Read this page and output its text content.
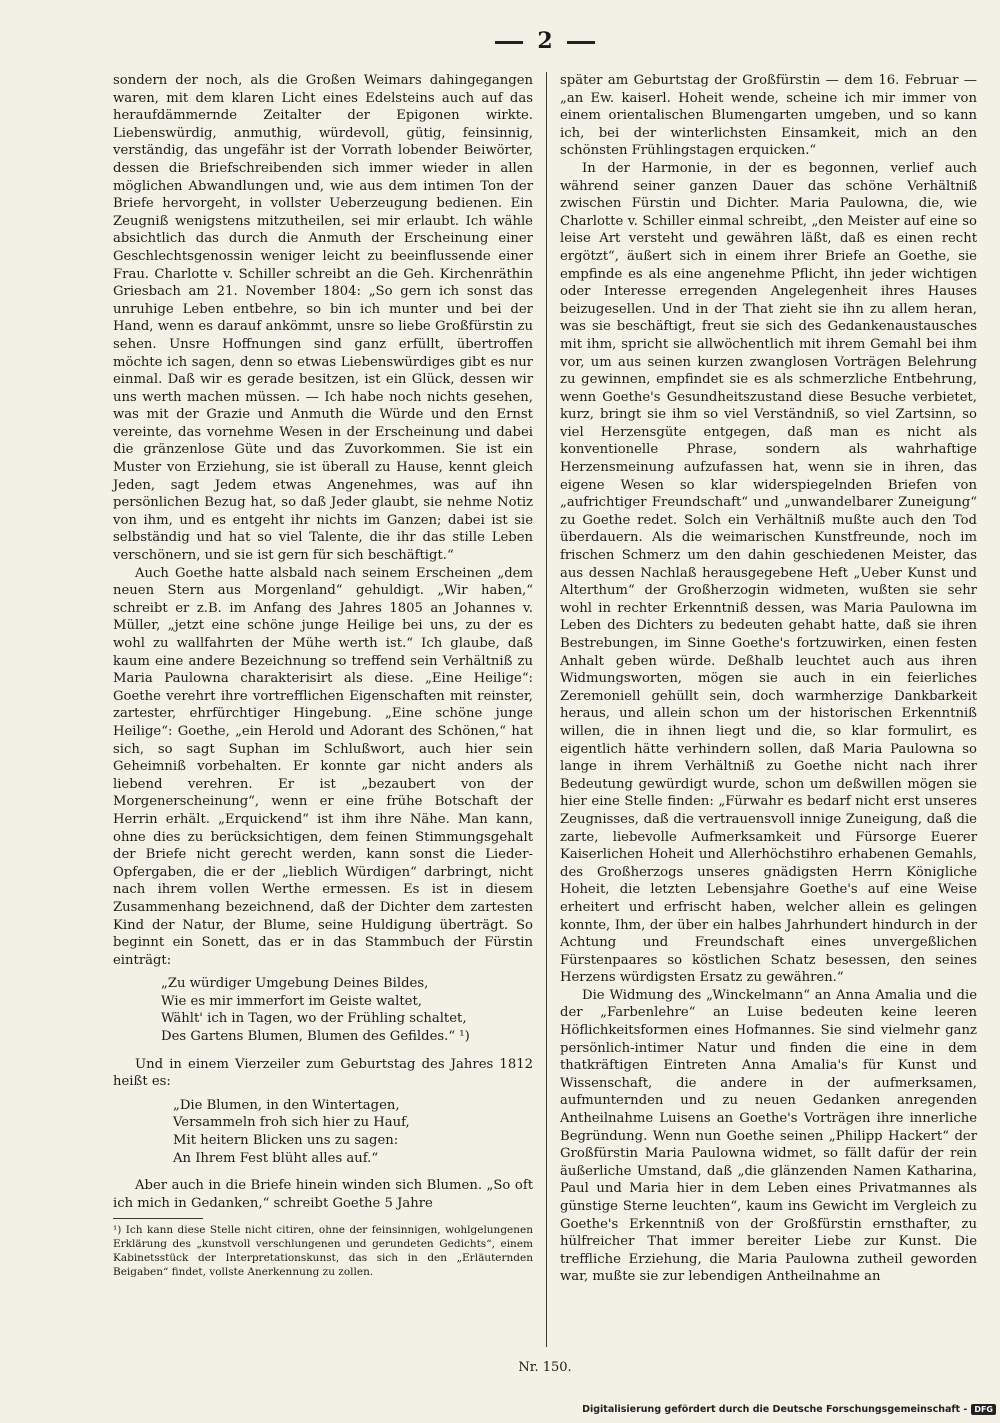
2

sondern der noch, als die Großen Weimars dahingegangen waren, mit dem klaren Licht eines Edelsteins auch auf das heraufdämmernde Zeitalter der Epigonen wirkte. Liebenswürdig, anmuthig, würdevoll, gütig, feinsinnig, verständig, das ungefähr ist der Vorrath lobender Beiwörter, dessen die Briefschreibenden sich immer wieder in allen möglichen Abwandlungen und, wie aus dem intimen Ton der Briefe hervorgeht, in vollster Ueberzeugung bedienen. Ein Zeugniß wenigstens mitzutheilen, sei mir erlaubt. Ich wähle absichtlich das durch die Anmuth der Erscheinung einer Geschlechtsgenossin weniger leicht zu beeinflussende einer Frau. Charlotte v. Schiller schreibt an die Geh. Kirchenräthin Griesbach am 21. November 1804: „So gern ich sonst das unruhige Leben entbehre, so bin ich munter und bei der Hand, wenn es darauf ankömmt, unsre so liebe Großfürstin zu sehen. Unsre Hoffnungen sind ganz erfüllt, übertroffen möchte ich sagen, denn so etwas Liebenswürdiges gibt es nur einmal. Daß wir es gerade besitzen, ist ein Glück, dessen wir uns werth machen müssen. — Ich habe noch nichts gesehen, was mit der Grazie und Anmuth die Würde und den Ernst vereinte, das vornehme Wesen in der Erscheinung und dabei die gränzenlose Güte und das Zuvorkommen. Sie ist ein Muster von Erziehung, sie ist überall zu Hause, kennt gleich Jeden, sagt Jedem etwas Angenehmes, was auf ihn persönlichen Bezug hat, so daß Jeder glaubt, sie nehme Notiz von ihm, und es entgeht ihr nichts im Ganzen; dabei ist sie selbständig und hat so viel Talente, die ihr das stille Leben verschönern, und sie ist gern für sich beschäftigt.“

Auch Goethe hatte alsbald nach seinem Erscheinen „dem neuen Stern aus Morgenland“ gehuldigt. „Wir haben,“ schreibt er z.B. im Anfang des Jahres 1805 an Johannes v. Müller, „jetzt eine schöne junge Heilige bei uns, zu der es wohl zu wallfahrten der Mühe werth ist.“ Ich glaube, daß kaum eine andere Bezeichnung so treffend sein Verhältniß zu Maria Paulowna charakterisirt als diese. „Eine Heilige“: Goethe verehrt ihre vortrefflichen Eigenschaften mit reinster, zartester, ehrfürchtiger Hingebung. „Eine schöne junge Heilige“: Goethe, „ein Herold und Adorant des Schönen,“ hat sich, so sagt Suphan im Schlußwort, auch hier sein Geheimniß vorbehalten. Er konnte gar nicht anders als liebend verehren. Er ist „bezaubert von der Morgenerscheinung“, wenn er eine frühe Botschaft der Herrin erhält. „Erquickend“ ist ihm ihre Nähe. Man kann, ohne dies zu berücksichtigen, dem feinen Stimmungsgehalt der Briefe nicht gerecht werden, kann sonst die Lieder-Opfergaben, die er der „lieblich Würdigen“ darbringt, nicht nach ihrem vollen Werthe ermessen. Es ist in diesem Zusammenhang bezeichnend, daß der Dichter dem zartesten Kind der Natur, der Blume, seine Huldigung überträgt. So beginnt ein Sonett, das er in das Stammbuch der Fürstin einträgt:

„Zu würdiger Umgebung Deines Bildes,
Wie es mir immerfort im Geiste waltet,
Wählt' ich in Tagen, wo der Frühling schaltet,
Des Gartens Blumen, Blumen des Gefildes.“ ¹)

Und in einem Vierzeiler zum Geburtstag des Jahres 1812 heißt es:

„Die Blumen, in den Wintertagen,
Versammeln froh sich hier zu Hauf,
Mit heitern Blicken uns zu sagen:
An Ihrem Fest blüht alles auf.“

Aber auch in die Briefe hinein winden sich Blumen. „So oft ich mich in Gedanken,“ schreibt Goethe 5 Jahre

¹) Ich kann diese Stelle nicht citiren, ohne der feinsinnigen, wohlgelungenen Erklärung des „kunstvoll verschlungenen und gerundeten Gedichts“, einem Kabinetsstück der Interpretationskunst, das sich in den „Erläuternden Beigaben“ findet, vollste Anerkennung zu zollen.

später am Geburtstag der Großfürstin — dem 16. Februar — „an Ew. kaiserl. Hoheit wende, scheine ich mir immer von einem orientalischen Blumengarten umgeben, und so kann ich, bei der winterlichsten Einsamkeit, mich an den schönsten Frühlingstagen erquicken.“

In der Harmonie, in der es begonnen, verlief auch während seiner ganzen Dauer das schöne Verhältniß zwischen Fürstin und Dichter. Maria Paulowna, die, wie Charlotte v. Schiller einmal schreibt, „den Meister auf eine so leise Art versteht und gewähren läßt, daß es einen recht ergötzt“, äußert sich in einem ihrer Briefe an Goethe, sie empfinde es als eine angenehme Pflicht, ihn jeder wichtigen oder Interesse erregenden Angelegenheit ihres Hauses beizugesellen. Und in der That zieht sie ihn zu allem heran, was sie beschäftigt, freut sie sich des Gedankenaustausches mit ihm, spricht sie allwöchentlich mit ihrem Gemahl bei ihm vor, um aus seinen kurzen zwanglosen Vorträgen Belehrung zu gewinnen, empfindet sie es als schmerzliche Entbehrung, wenn Goethe's Gesundheitszustand diese Besuche verbietet, kurz, bringt sie ihm so viel Verständniß, so viel Zartsinn, so viel Herzensgüte entgegen, daß man es nicht als konventionelle Phrase, sondern als wahrhaftige Herzensmeinung aufzufassen hat, wenn sie in ihren, das eigene Wesen so klar widerspiegelnden Briefen von „aufrichtiger Freundschaft“ und „unwandelbarer Zuneigung“ zu Goethe redet. Solch ein Verhältniß mußte auch den Tod überdauern. Als die weimarischen Kunstfreunde, noch im frischen Schmerz um den dahin geschiedenen Meister, das aus dessen Nachlaß herausgegebene Heft „Ueber Kunst und Alterthum“ der Großherzogin widmeten, wußten sie sehr wohl in rechter Erkenntniß dessen, was Maria Paulowna im Leben des Dichters zu bedeuten gehabt hatte, daß sie ihren Bestrebungen, im Sinne Goethe's fortzuwirken, einen festen Anhalt geben würde. Deßhalb leuchtet auch aus ihren Widmungsworten, mögen sie auch in ein feierliches Zeremoniell gehüllt sein, doch warmherzige Dankbarkeit heraus, und allein schon um der historischen Erkenntniß willen, die in ihnen liegt und die, so klar formulirt, es eigentlich hätte verhindern sollen, daß Maria Paulowna so lange in ihrem Verhältniß zu Goethe nicht nach ihrer Bedeutung gewürdigt wurde, schon um deßwillen mögen sie hier eine Stelle finden: „Fürwahr es bedarf nicht erst unseres Zeugnisses, daß die vertrauensvoll innige Zuneigung, daß die zarte, liebevolle Aufmerksamkeit und Fürsorge Euerer Kaiserlichen Hoheit und Allerhöchstihro erhabenen Gemahls, des Großherzogs unseres gnädigsten Herrn Königliche Hoheit, die letzten Lebensjahre Goethe's auf eine Weise erheitert und erfrischt haben, welcher allein es gelingen konnte, Ihm, der über ein halbes Jahrhundert hindurch in der Achtung und Freundschaft eines unvergeßlichen Fürstenpaares so köstlichen Schatz besessen, den seines Herzens würdigsten Ersatz zu gewähren.“

Die Widmung des „Winckelmann“ an Anna Amalia und die der „Farbenlehre“ an Luise bedeuten keine leeren Höflichkeitsformen eines Hofmannes. Sie sind vielmehr ganz persönlich-intimer Natur und finden die eine in dem thatkräftigen Eintreten Anna Amalia's für Kunst und Wissenschaft, die andere in der aufmerksamen, aufmunternden und zu neuen Gedanken anregenden Antheilnahme Luisens an Goethe's Vorträgen ihre innerliche Begründung. Wenn nun Goethe seinen „Philipp Hackert“ der Großfürstin Maria Paulowna widmet, so fällt dafür der rein äußerliche Umstand, daß „die glänzenden Namen Katharina, Paul und Maria hier in dem Leben eines Privatmannes als günstige Sterne leuchten“, kaum ins Gewicht im Vergleich zu Goethe's Erkenntniß von der Großfürstin ernsthafter, zu hülfreicher That immer bereiter Liebe zur Kunst. Die treffliche Erziehung, die Maria Paulowna zutheil geworden war, mußte sie zur lebendigen Antheilnahme an

Nr. 150.
Digitalisierung gefördert durch die Deutsche Forschungsgemeinschaft - DFG
